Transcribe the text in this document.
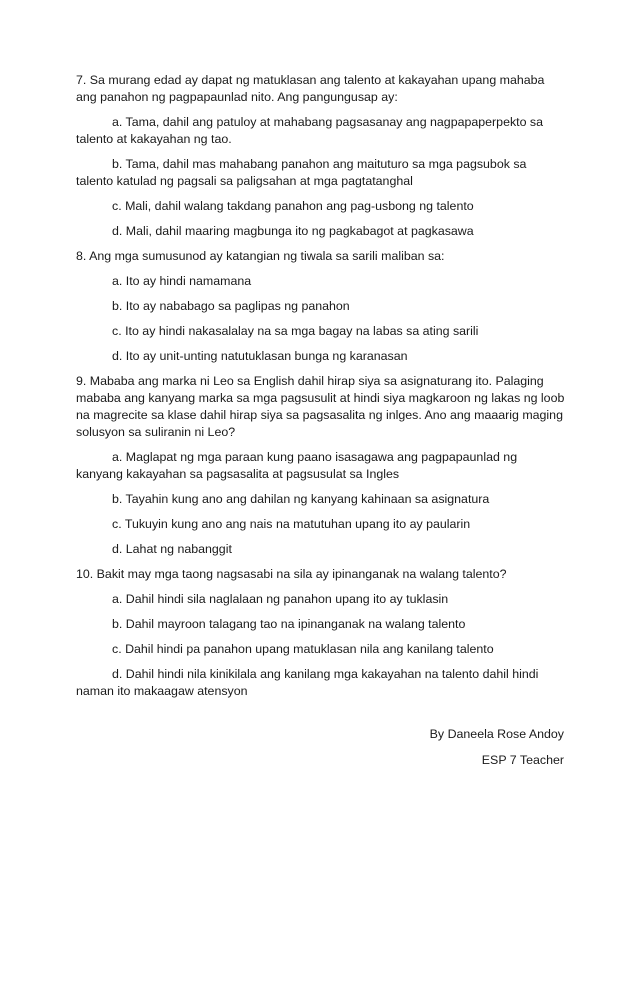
7. Sa murang edad ay dapat ng matuklasan ang talento at kakayahan upang mahaba ang panahon ng pagpapaunlad nito. Ang pangungusap ay:

a. Tama, dahil ang patuloy at mahabang pagsasanay ang nagpapaperpekto sa talento at kakayahan ng tao.

b. Tama, dahil mas mahabang panahon ang maituturo sa mga pagsubok sa talento katulad ng pagsali sa paligsahan at mga pagtatanghal

c. Mali, dahil walang takdang panahon ang pag-usbong ng talento

d. Mali, dahil maaring magbunga ito ng pagkabagot at pagkasawa

8. Ang mga sumusunod ay katangian ng tiwala sa sarili maliban sa:

a. Ito ay hindi namamana

b. Ito ay nababago sa paglipas ng panahon

c. Ito ay hindi nakasalalay na sa mga bagay na labas sa ating sarili

d. Ito ay unit-unting natutuklasan bunga ng karanasan

9. Mababa ang marka ni Leo sa English dahil hirap siya sa asignaturang ito. Palaging mababa ang kanyang marka sa mga pagsusulit at hindi siya magkaroon ng lakas ng loob na magrecite sa klase dahil hirap siya sa pagsasalita ng inlges. Ano ang maaarig maging solusyon sa suliranin ni Leo?

a. Maglapat ng mga paraan kung paano isasagawa ang pagpapaunlad ng kanyang kakayahan sa pagsasalita at pagsusulat sa Ingles

b. Tayahin kung ano ang dahilan ng kanyang kahinaan sa asignatura

c. Tukuyin kung ano ang nais na matutuhan upang ito ay paularin

d. Lahat ng nabanggit

10. Bakit may mga taong nagsasabi na sila ay ipinanganak na walang talento?

a. Dahil hindi sila naglalaan ng panahon upang ito ay tuklasin

b. Dahil mayroon talagang tao na ipinanganak na walang talento

c. Dahil hindi pa panahon upang matuklasan nila ang kanilang talento

d. Dahil hindi nila kinikilala ang kanilang mga kakayahan na talento dahil hindi naman ito makaagaw atensyon

By Daneela Rose Andoy

ESP 7 Teacher
